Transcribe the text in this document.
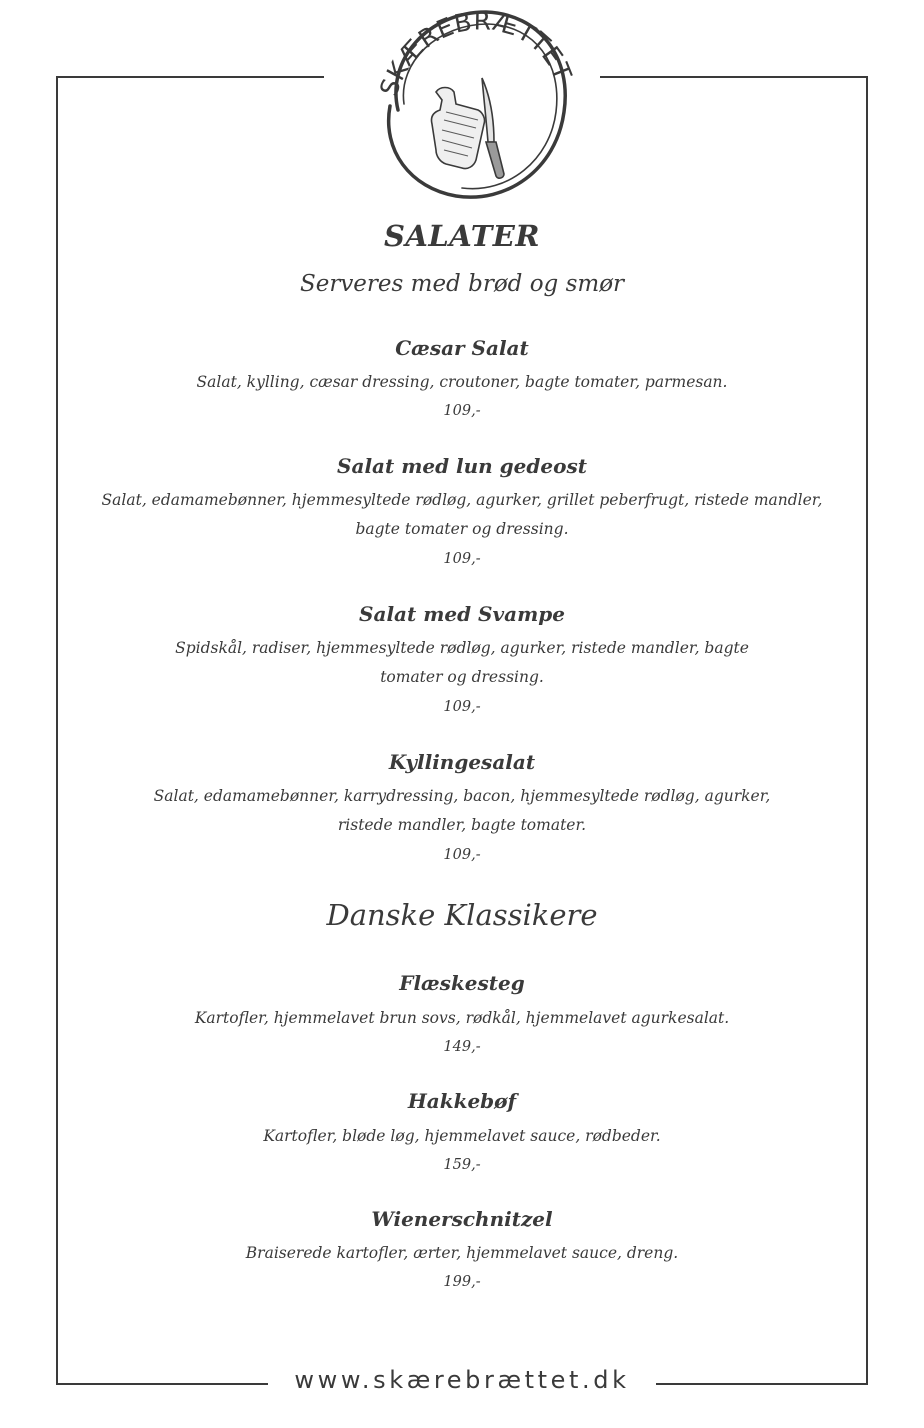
SKÆREBRÆTTET
SALATER
Serveres med brød og smør
Cæsar Salat
Salat, kylling, cæsar dressing, croutoner, bagte tomater, parmesan.
109,-
Salat med lun gedeost
Salat, edamamebønner, hjemmesyltede rødløg, agurker, grillet peberfrugt, ristede mandler, bagte tomater og dressing.
109,-
Salat med Svampe
Spidskål, radiser, hjemmesyltede rødløg, agurker, ristede mandler, bagte tomater og dressing.
109,-
Kyllingesalat
Salat, edamamebønner, karrydressing, bacon, hjemmesyltede rødløg, agurker, ristede mandler, bagte tomater.
109,-
Danske Klassikere
Flæskesteg
Kartofler, hjemmelavet brun sovs, rødkål, hjemmelavet agurkesalat.
149,-
Hakkebøf
Kartofler, bløde løg, hjemmelavet sauce, rødbeder.
159,-
Wienerschnitzel
Braiserede kartofler, ærter, hjemmelavet sauce, dreng.
199,-
www.skærebrættet.dk
